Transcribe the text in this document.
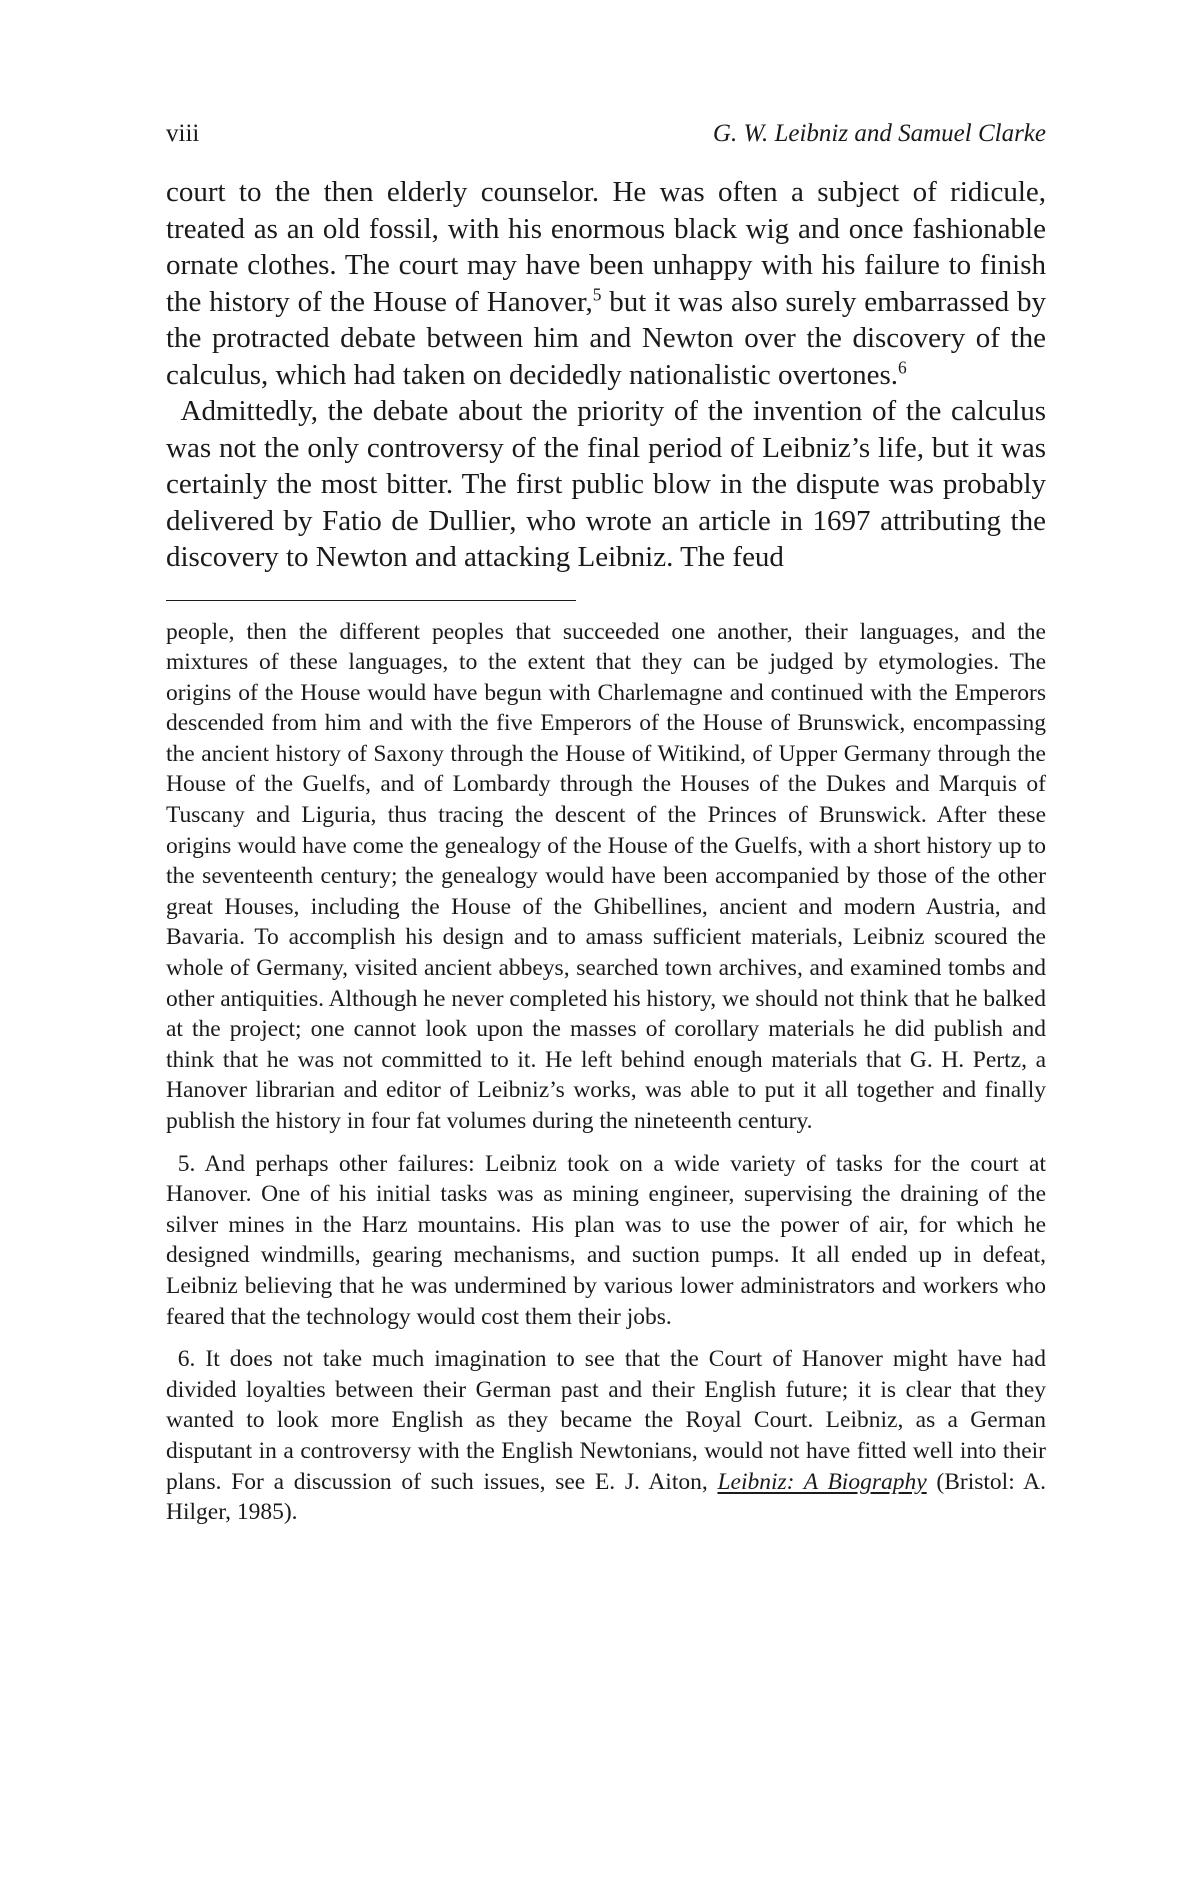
viii	G. W. Leibniz and Samuel Clarke

court to the then elderly counselor. He was often a subject of ridicule, treated as an old fossil, with his enormous black wig and once fashionable ornate clothes. The court may have been unhappy with his failure to finish the history of the House of Hanover,$^5$ but it was also surely embarrassed by the protracted debate between him and Newton over the discovery of the calculus, which had taken on decidedly nationalistic overtones.$^6$

Admittedly, the debate about the priority of the invention of the calculus was not the only controversy of the final period of Leibniz’s life, but it was certainly the most bitter. The first public blow in the dispute was probably delivered by Fatio de Dullier, who wrote an article in 1697 attributing the discovery to Newton and attacking Leibniz. The feud

people, then the different peoples that succeeded one another, their languages, and the mixtures of these languages, to the extent that they can be judged by etymologies. The origins of the House would have begun with Charlemagne and continued with the Emperors descended from him and with the five Emperors of the House of Brunswick, encompassing the ancient history of Saxony through the House of Witikind, of Upper Germany through the House of the Guelfs, and of Lombardy through the Houses of the Dukes and Marquis of Tuscany and Liguria, thus tracing the descent of the Princes of Brunswick. After these origins would have come the genealogy of the House of the Guelfs, with a short history up to the seventeenth century; the genealogy would have been accompanied by those of the other great Houses, including the House of the Ghibellines, ancient and modern Austria, and Bavaria. To accomplish his design and to amass sufficient materials, Leibniz scoured the whole of Germany, visited ancient abbeys, searched town archives, and examined tombs and other antiquities. Although he never completed his history, we should not think that he balked at the project; one cannot look upon the masses of corollary materials he did publish and think that he was not committed to it. He left behind enough materials that G. H. Pertz, a Hanover librarian and editor of Leibniz’s works, was able to put it all together and finally publish the history in four fat volumes during the nineteenth century.

5. And perhaps other failures: Leibniz took on a wide variety of tasks for the court at Hanover. One of his initial tasks was as mining engineer, supervising the draining of the silver mines in the Harz mountains. His plan was to use the power of air, for which he designed windmills, gearing mechanisms, and suction pumps. It all ended up in defeat, Leibniz believing that he was undermined by various lower administrators and workers who feared that the technology would cost them their jobs.

6. It does not take much imagination to see that the Court of Hanover might have had divided loyalties between their German past and their English future; it is clear that they wanted to look more English as they became the Royal Court. Leibniz, as a German disputant in a controversy with the English Newtonians, would not have fitted well into their plans. For a discussion of such issues, see E. J. Aiton, Leibniz: A Biography (Bristol: A. Hilger, 1985).
